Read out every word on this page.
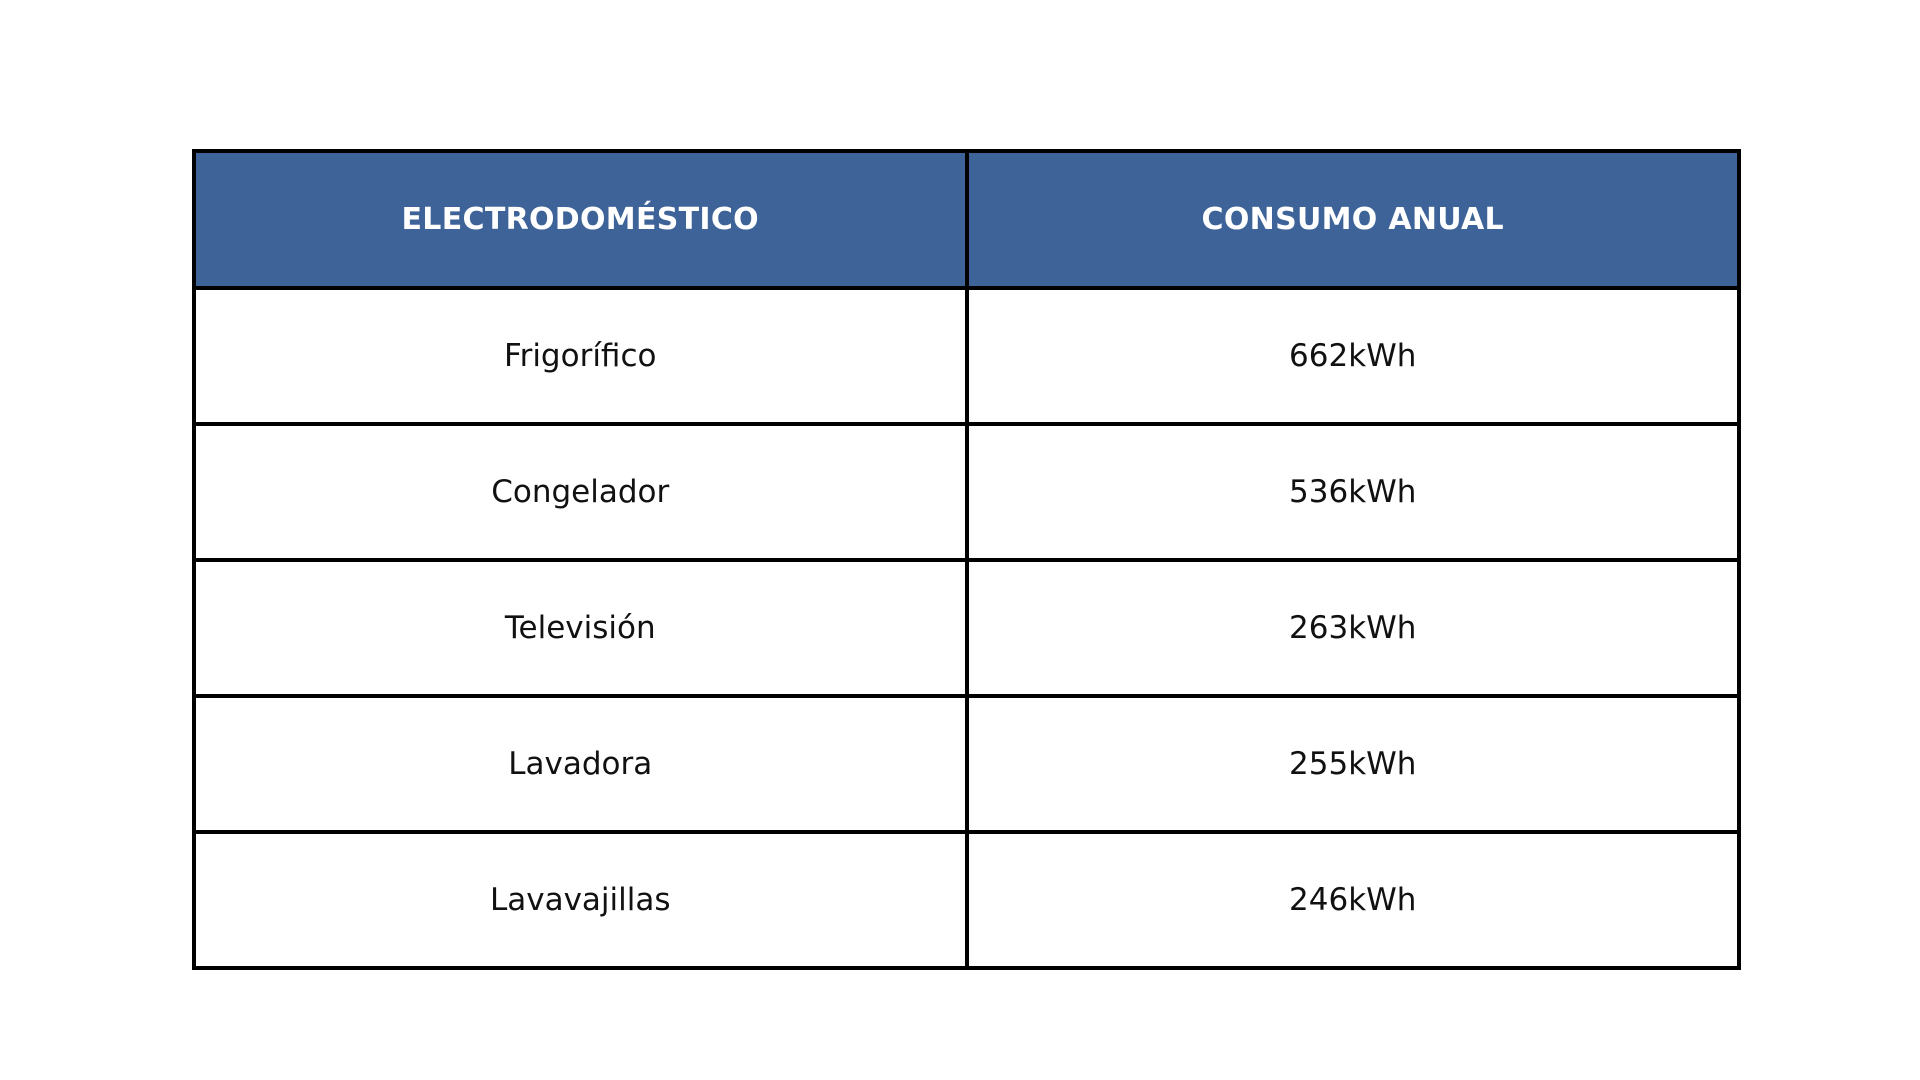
ELECTRODOMÉSTICO	CONSUMO ANUAL
Frigorífico	662kWh
Congelador	536kWh
Televisión	263kWh
Lavadora	255kWh
Lavavajillas	246kWh
